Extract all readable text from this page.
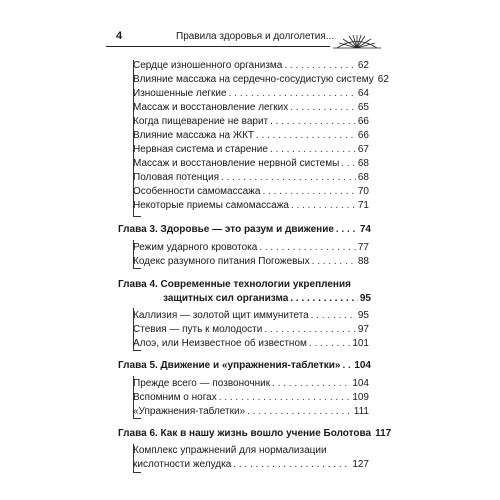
4	Правила здоровья и долголетия...
Сердце изношенного организма . . .	62
Влияние массажа на сердечно-сосудистую систему 62
Изношенные легкие . . .	64
Массаж и восстановление легких . . .	65
Когда пищеварение не варит . . .	66
Влияние массажа на ЖКТ . . .	66
Нервная система и старение . . .	67
Массаж и восстановление нервной системы . . . 68
Половая потенция . . .	68
Особенности самомассажа . . .	70
Некоторые приемы самомассажа . . .	71
Глава 3. Здоровье — это разум и движение . . .	74
Режим ударного кровотока . . .	77
Кодекс разумного питания Погожевых . . .	88
Глава 4. Современные технологии укрепления
защитных сил организма . . .	95
Каллизия — золотой щит иммунитета . . .	95
Стевия — путь к молодости . . .	97
Алоэ, или Неизвестное об известном . . .	101
Глава 5. Движение и «упражнения-таблетки» . . . 104
Прежде всего — позвоночник . . .	104
Вспомним о ногах . . .	109
«Упражнения-таблетки» . . .	111
Глава 6. Как в нашу жизнь вошло учение Болотова 117
Комплекс упражнений для нормализации
кислотности желудка . . .	127
